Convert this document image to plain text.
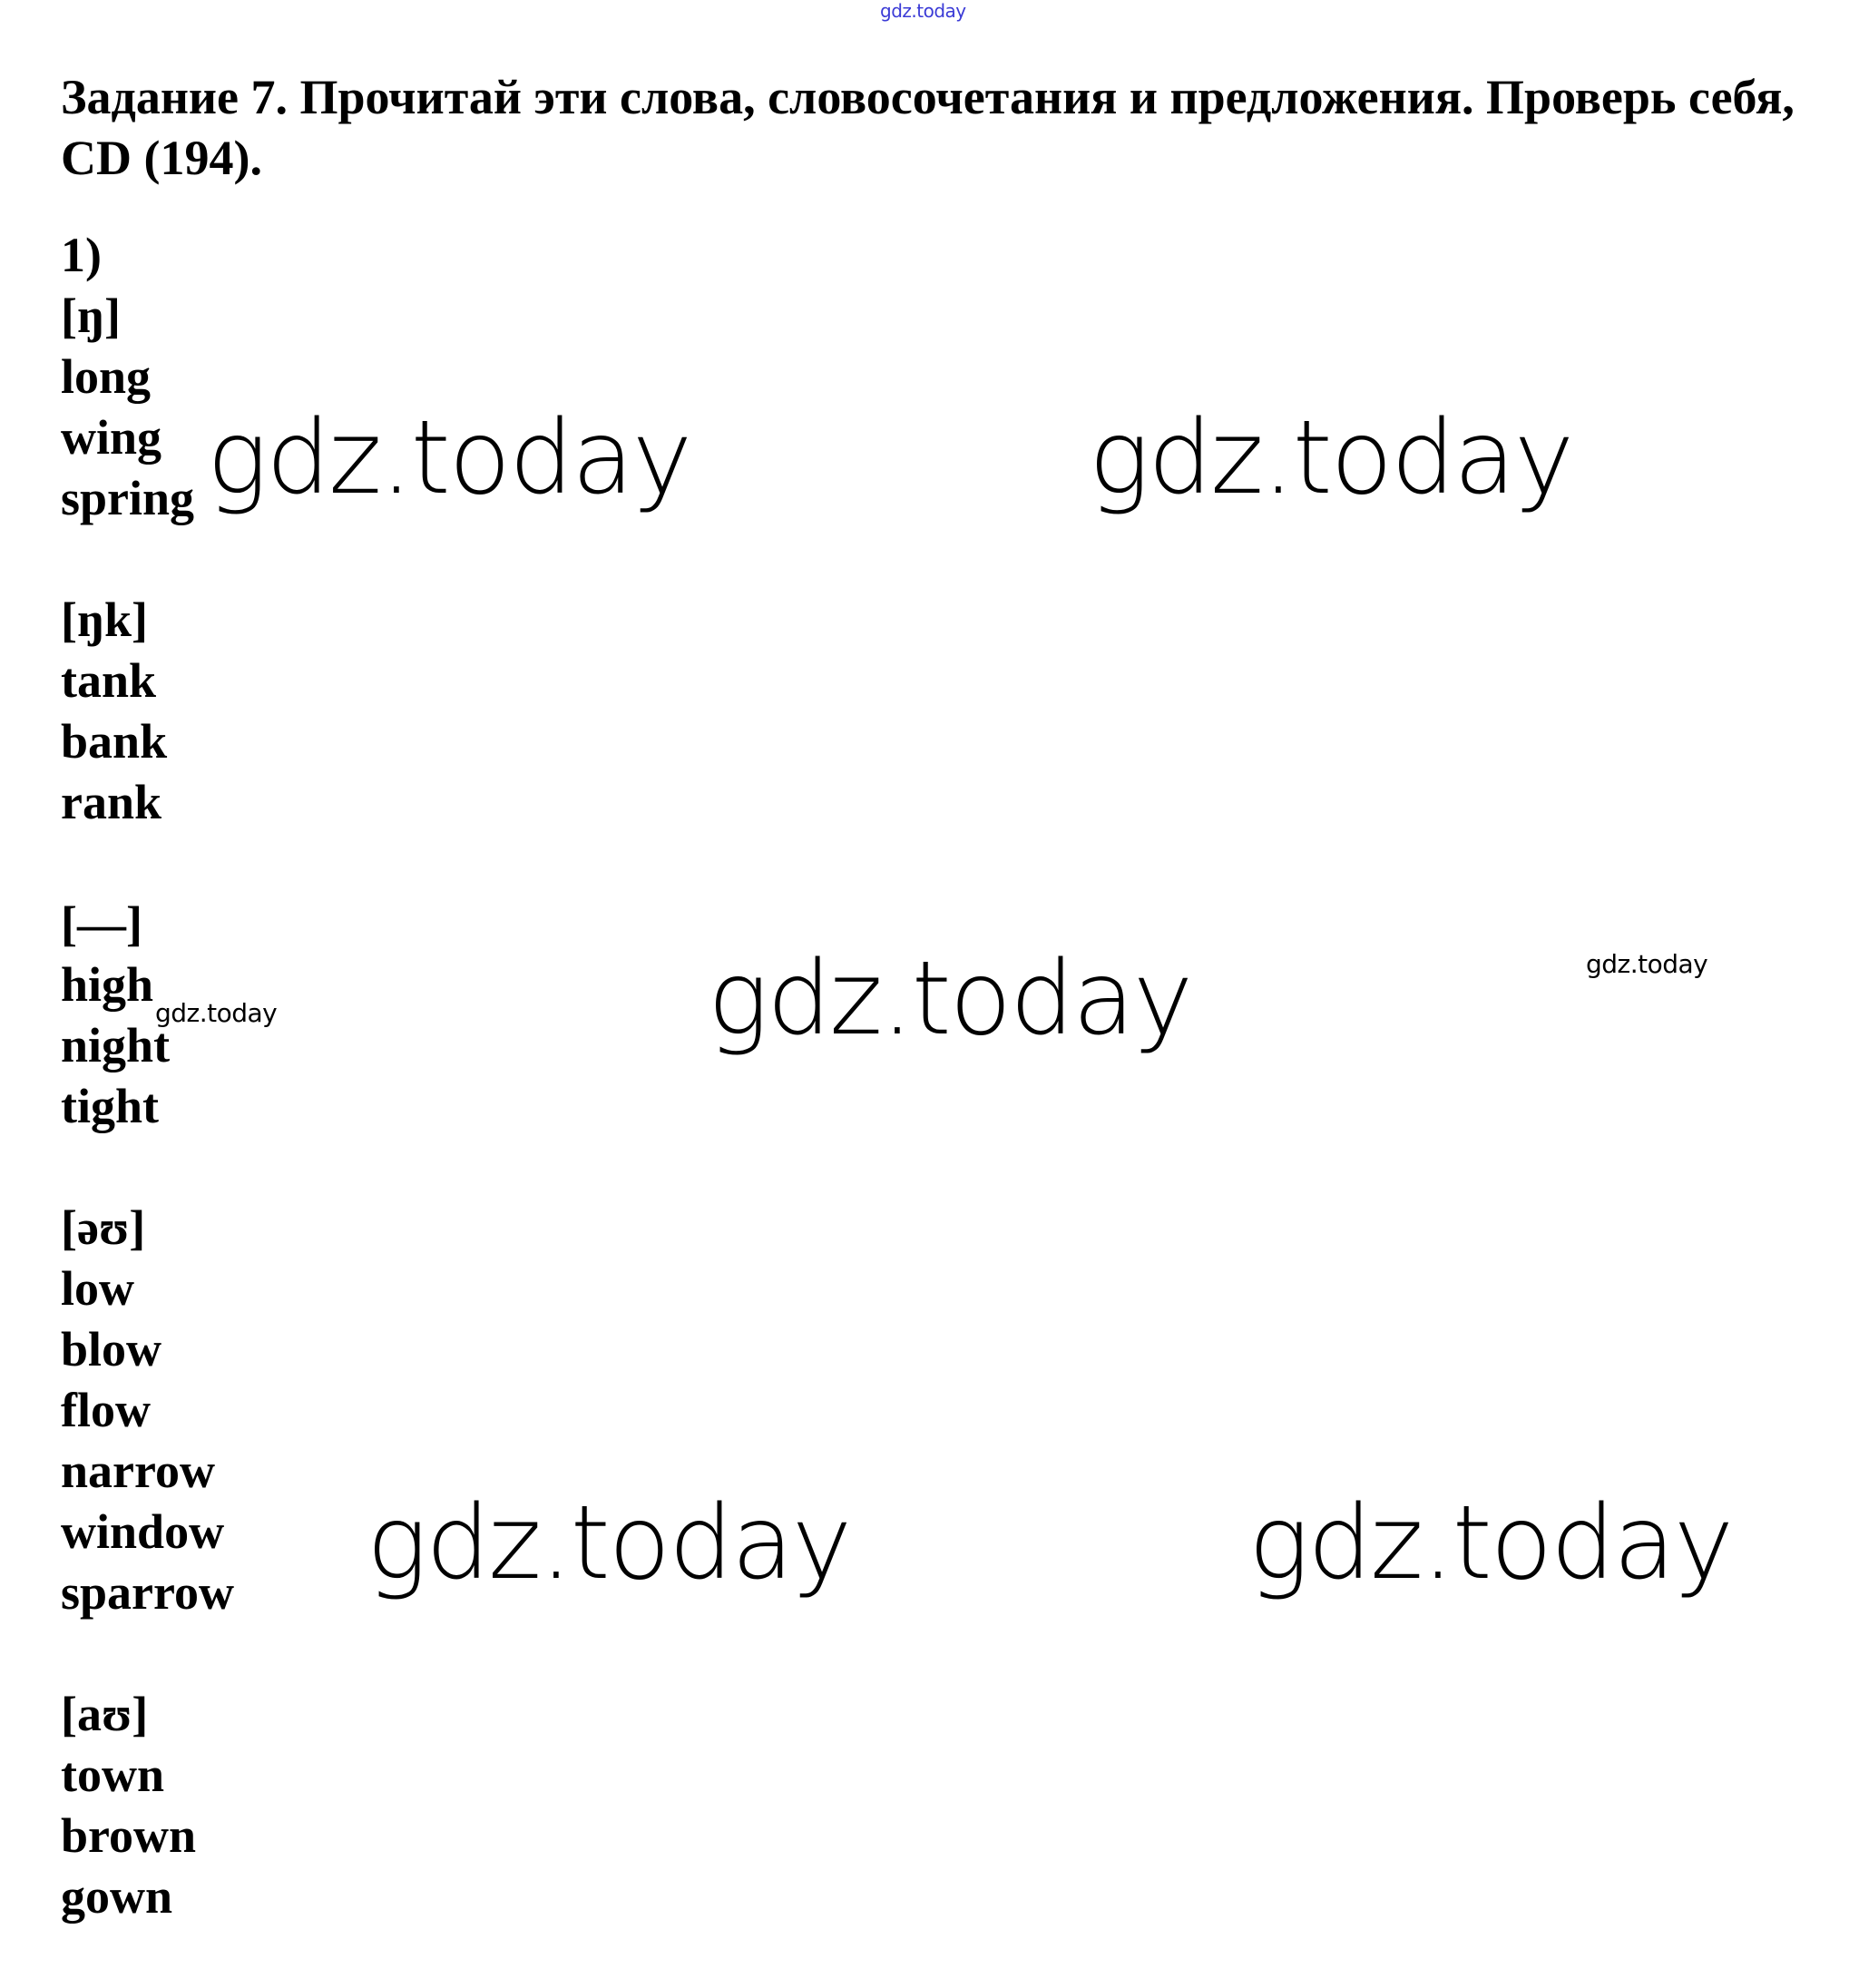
gdz.today
Задание 7. Прочитай эти слова, словосочетания и предложения. Проверь себя, CD (194).
1)
[ŋ]
long
wing
spring
[ŋk]
tank
bank
rank
[—]
high
night
tight
[əʊ]
low
blow
flow
narrow
window
sparrow
[aʊ]
town
brown
gown
gdz.today	gdz.today
gdz.today
gdz.today	gdz.today
gdz.today
gdz.today
